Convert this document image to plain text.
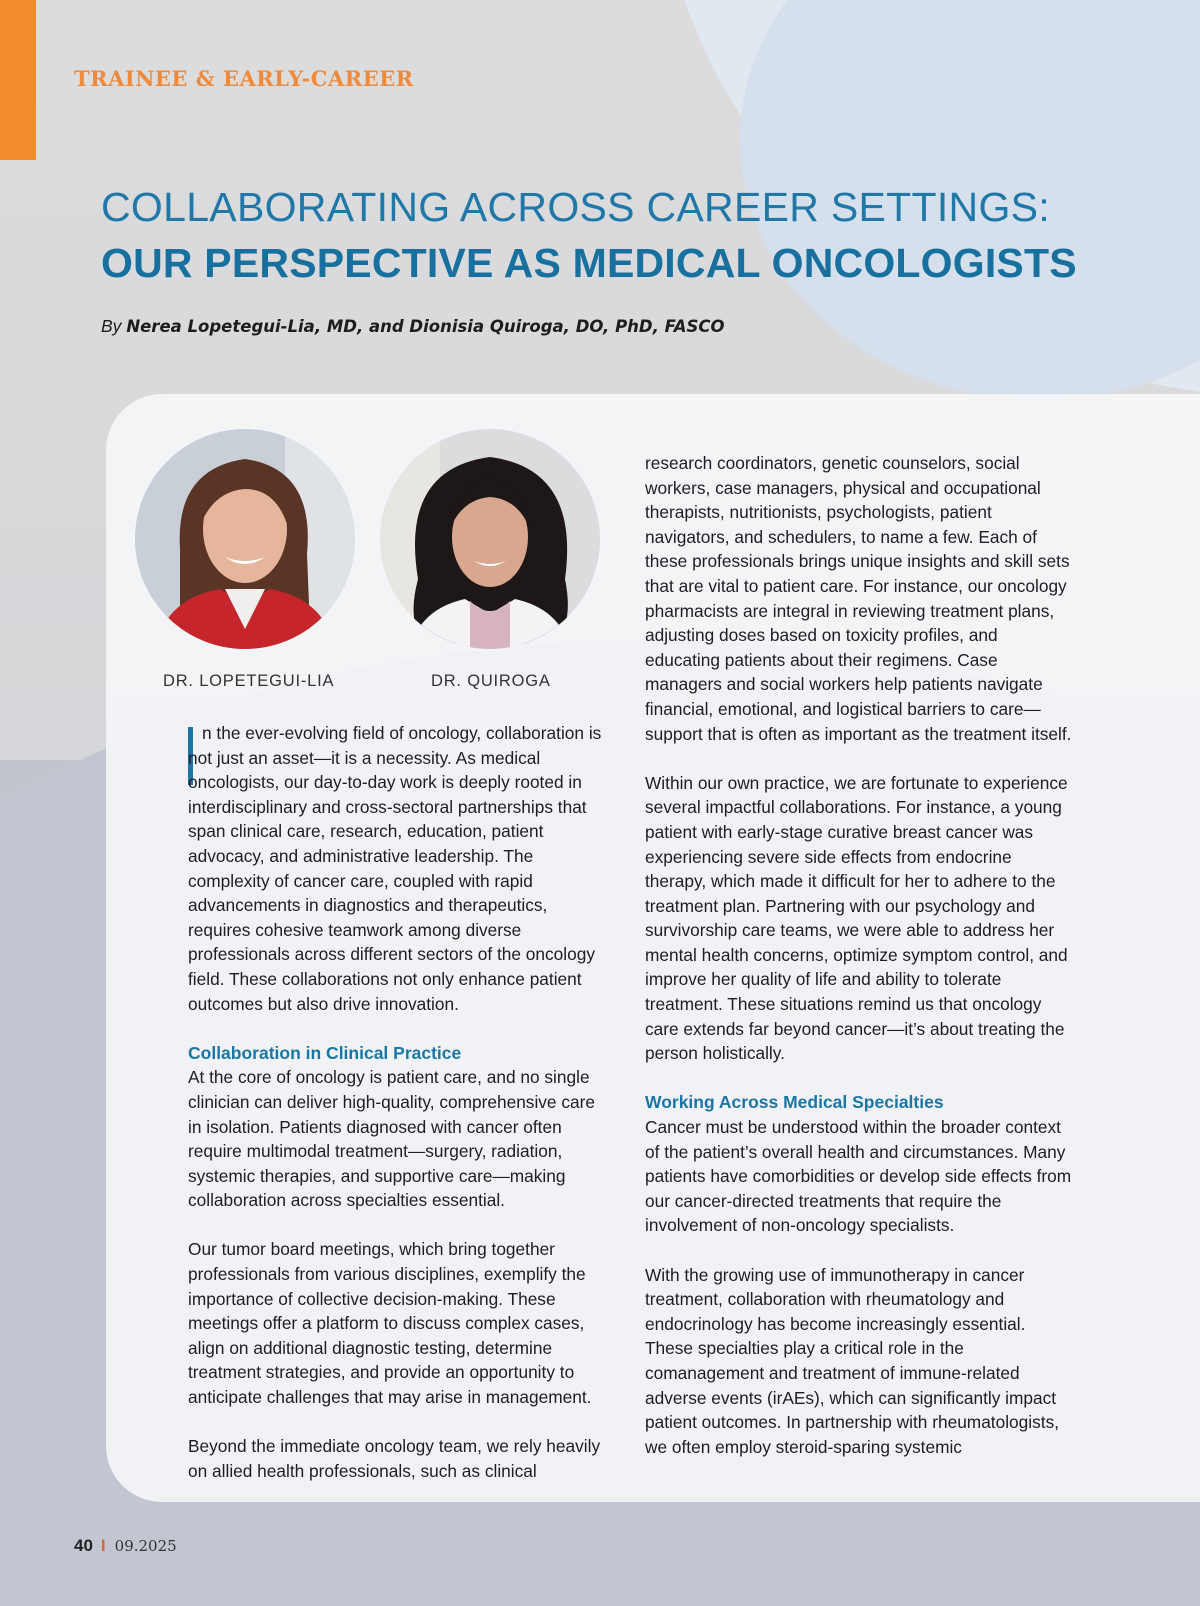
TRAINEE & EARLY-CAREER
COLLABORATING ACROSS CAREER SETTINGS:
OUR PERSPECTIVE AS MEDICAL ONCOLOGISTS
By Nerea Lopetegui-Lia, MD, and Dionisia Quiroga, DO, PhD, FASCO
DR. LOPETEGUI-LIA	DR. QUIROGA

n the ever-evolving field of oncology, collaboration is not just an asset—it is a necessity. As medical oncologists, our day-to-day work is deeply rooted in interdisciplinary and cross-sectoral partnerships that span clinical care, research, education, patient advocacy, and administrative leadership. The complexity of cancer care, coupled with rapid advancements in diagnostics and therapeutics, requires cohesive teamwork among diverse professionals across different sectors of the oncology field. These collaborations not only enhance patient outcomes but also drive innovation.

Collaboration in Clinical Practice

At the core of oncology is patient care, and no single clinician can deliver high-quality, comprehensive care in isolation. Patients diagnosed with cancer often require multimodal treatment—surgery, radiation, systemic therapies, and supportive care—making collaboration across specialties essential.

Our tumor board meetings, which bring together professionals from various disciplines, exemplify the importance of collective decision-making. These meetings offer a platform to discuss complex cases, align on additional diagnostic testing, determine treatment strategies, and provide an opportunity to anticipate challenges that may arise in management.

Beyond the immediate oncology team, we rely heavily on allied health professionals, such as clinical

research coordinators, genetic counselors, social workers, case managers, physical and occupational therapists, nutritionists, psychologists, patient navigators, and schedulers, to name a few. Each of these professionals brings unique insights and skill sets that are vital to patient care. For instance, our oncology pharmacists are integral in reviewing treatment plans, adjusting doses based on toxicity profiles, and educating patients about their regimens. Case managers and social workers help patients navigate financial, emotional, and logistical barriers to care—support that is often as important as the treatment itself.

Within our own practice, we are fortunate to experience several impactful collaborations. For instance, a young patient with early-stage curative breast cancer was experiencing severe side effects from endocrine therapy, which made it difficult for her to adhere to the treatment plan. Partnering with our psychology and survivorship care teams, we were able to address her mental health concerns, optimize symptom control, and improve her quality of life and ability to tolerate treatment. These situations remind us that oncology care extends far beyond cancer—it’s about treating the person holistically.

Working Across Medical Specialties

Cancer must be understood within the broader context of the patient’s overall health and circumstances. Many patients have comorbidities or develop side effects from our cancer-directed treatments that require the involvement of non-oncology specialists.

With the growing use of immunotherapy in cancer treatment, collaboration with rheumatology and endocrinology has become increasingly essential. These specialties play a critical role in the comanagement and treatment of immune-related adverse events (irAEs), which can significantly impact patient outcomes. In partnership with rheumatologists, we often employ steroid-sparing systemic

40 I 09.2025
